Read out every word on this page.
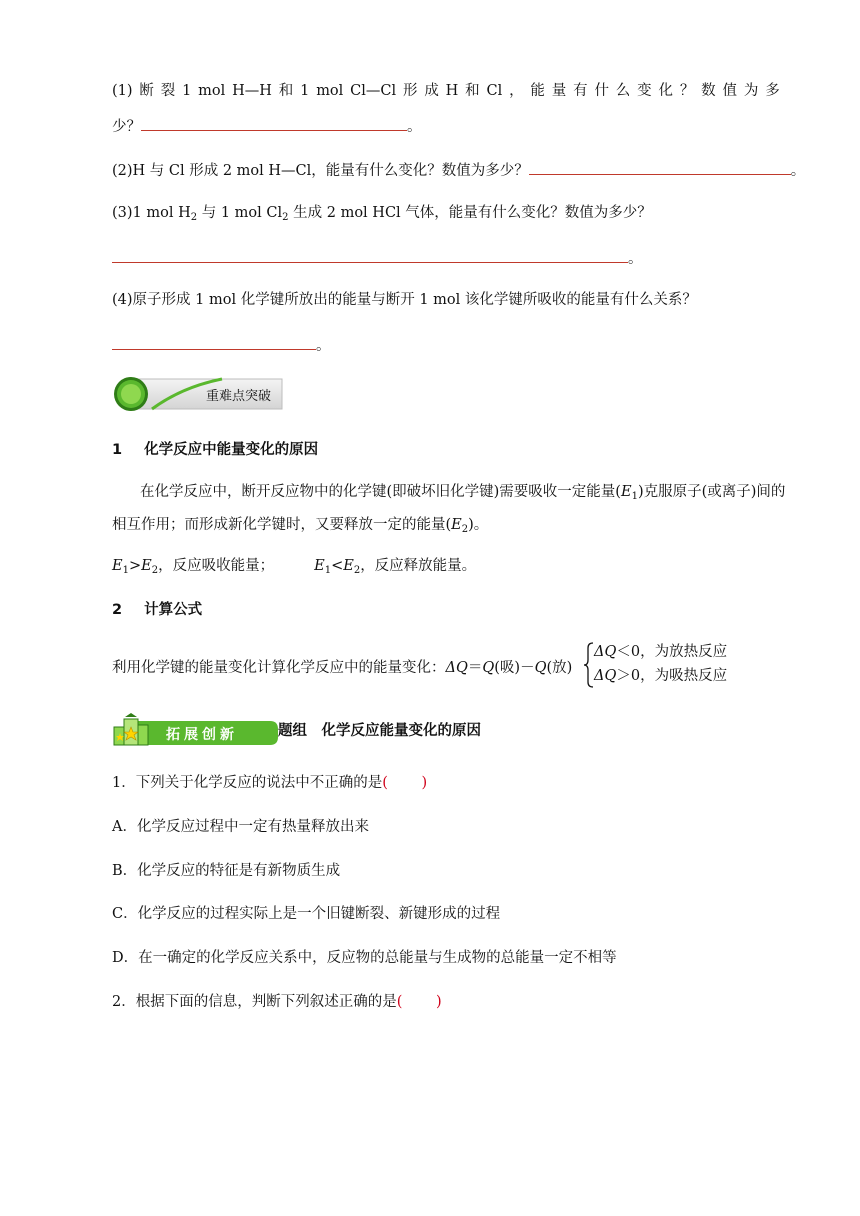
(1) 断 裂 1 mol H—H 和 1 mol Cl—Cl 形 成 H 和 Cl ， 能 量 有 什 么 变 化 ？ 数 值 为 多
少？	。
(2)H 与 Cl 形成 2 mol H—Cl，能量有什么变化？数值为多少？	。
(3)1 mol $H_2$ 与 1 mol $Cl_2$ 生成 2 mol HCl 气体，能量有什么变化？数值为多少？
。
(4)原子形成 1 mol 化学键所放出的能量与断开 1 mol 该化学键所吸收的能量有什么关系？
。
重难点突破
1 化学反应中能量变化的原因
在化学反应中，断开反应物中的化学键(即破坏旧化学键)需要吸收一定能量$(E_1)$克服原子(或离子)间的
相互作用；而形成新化学键时，又要释放一定的能量$(E_2)$。
$E_1>E_2$，反应吸收能量；	$E_1<E_2$，反应释放能量。
2 计算公式
利用化学键的能量变化计算化学反应中的能量变化：ΔQ＝Q(吸)－Q(放)
ΔQ＜0，为放热反应
ΔQ＞0，为吸热反应
拓展创新	题组　化学反应能量变化的原因
1．下列关于化学反应的说法中不正确的是(　　 )
A．化学反应过程中一定有热量释放出来
B．化学反应的特征是有新物质生成
C．化学反应的过程实际上是一个旧键断裂、新键形成的过程
D．在一确定的化学反应关系中，反应物的总能量与生成物的总能量一定不相等
2．根据下面的信息，判断下列叙述正确的是(　　 )
